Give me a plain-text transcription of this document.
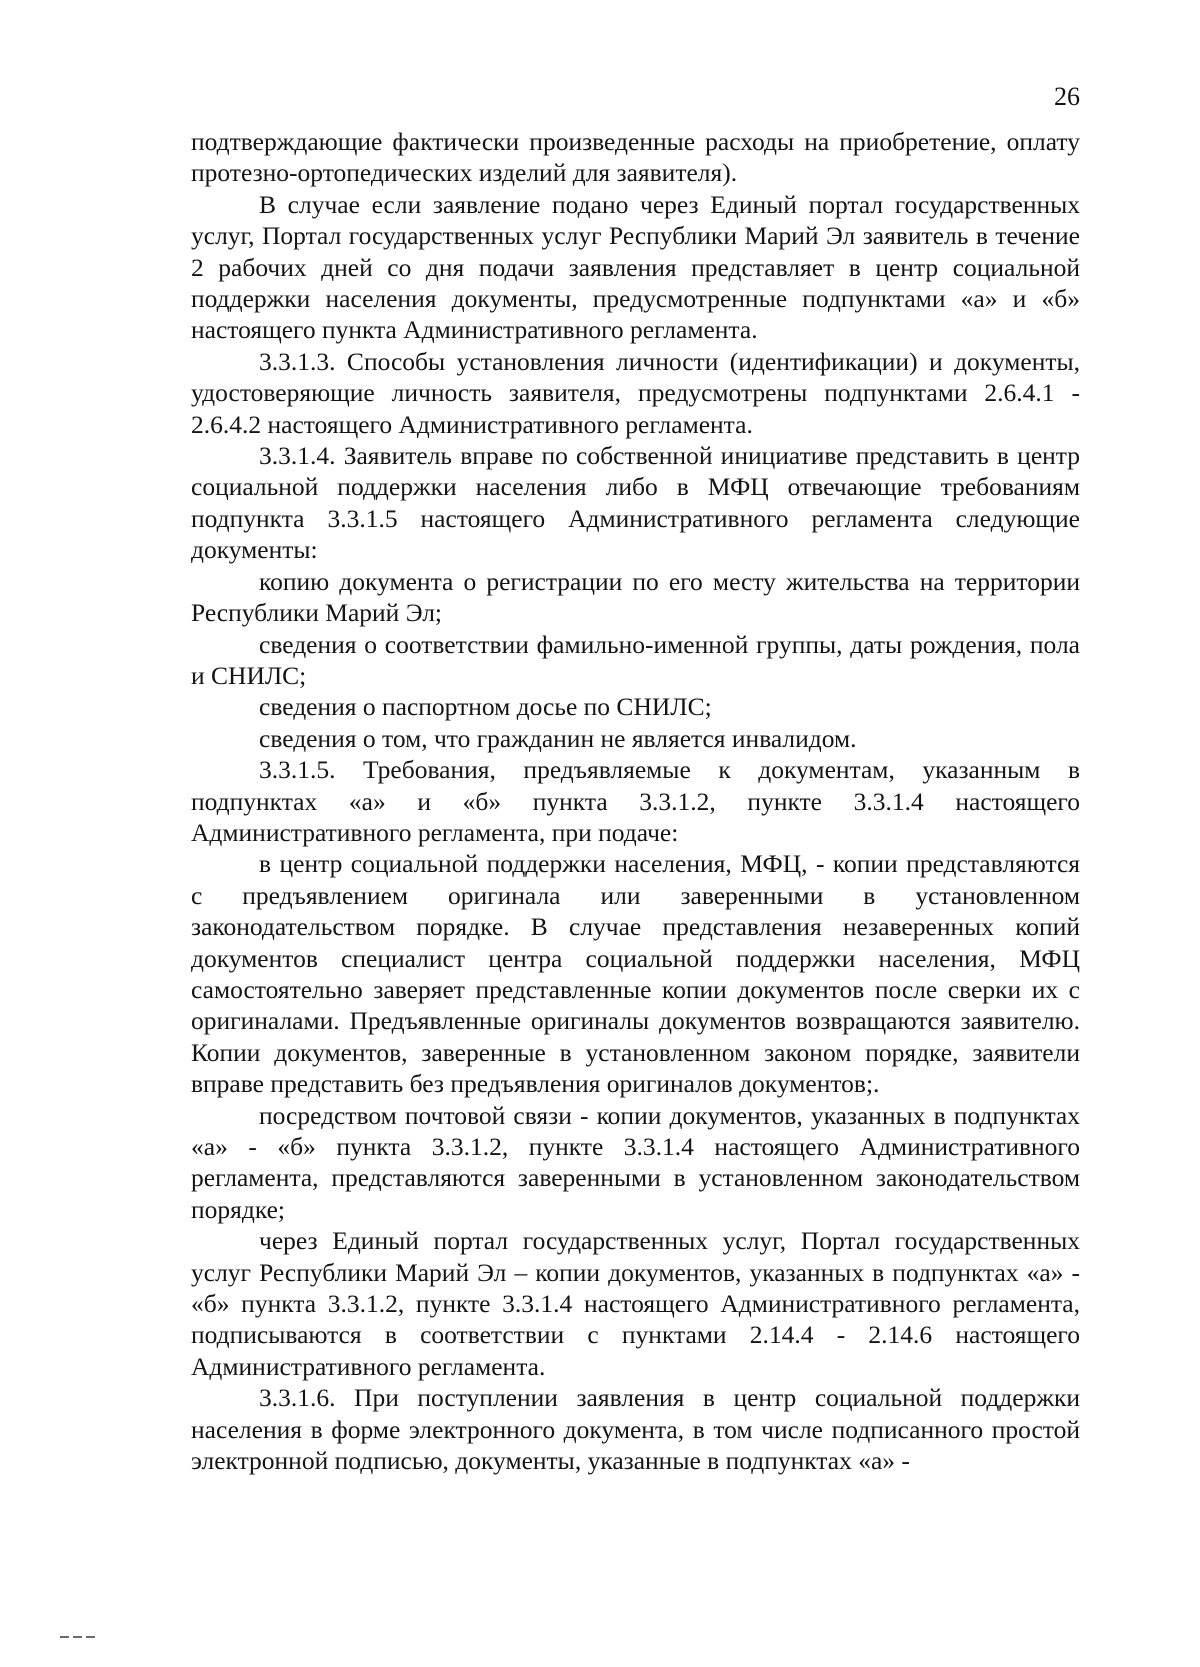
26

подтверждающие фактически произведенные расходы на приобретение, оплату протезно-ортопедических изделий для заявителя).

В случае если заявление подано через Единый портал государственных услуг, Портал государственных услуг Республики Марий Эл заявитель в течение 2 рабочих дней со дня подачи заявления представляет в центр социальной поддержки населения документы, предусмотренные подпунктами «а» и «б» настоящего пункта Административного регламента.

3.3.1.3. Способы установления личности (идентификации) и документы, удостоверяющие личность заявителя, предусмотрены подпунктами 2.6.4.1 - 2.6.4.2 настоящего Административного регламента.

3.3.1.4. Заявитель вправе по собственной инициативе представить в центр социальной поддержки населения либо в МФЦ отвечающие требованиям подпункта 3.3.1.5 настоящего Административного регламента следующие документы:

копию документа о регистрации по его месту жительства на территории Республики Марий Эл;

сведения о соответствии фамильно-именной группы, даты рождения, пола и СНИЛС;

сведения о паспортном досье по СНИЛС;

сведения о том, что гражданин не является инвалидом.

3.3.1.5. Требования, предъявляемые к документам, указанным в подпунктах «а» и «б» пункта 3.3.1.2, пункте 3.3.1.4 настоящего Административного регламента, при подаче:

в центр социальной поддержки населения, МФЦ, - копии представляются с предъявлением оригинала или заверенными в установленном законодательством порядке. В случае представления незаверенных копий документов специалист центра социальной поддержки населения, МФЦ самостоятельно заверяет представленные копии документов после сверки их с оригиналами. Предъявленные оригиналы документов возвращаются заявителю. Копии документов, заверенные в установленном законом порядке, заявители вправе представить без предъявления оригиналов документов;.

посредством почтовой связи - копии документов, указанных в подпунктах «а» - «б» пункта 3.3.1.2, пункте 3.3.1.4 настоящего Административного регламента, представляются заверенными в установленном законодательством порядке;

через Единый портал государственных услуг, Портал государственных услуг Республики Марий Эл – копии документов, указанных в подпунктах «а» - «б» пункта 3.3.1.2, пункте 3.3.1.4 настоящего Административного регламента, подписываются в соответствии с пунктами 2.14.4 - 2.14.6 настоящего Административного регламента.

3.3.1.6. При поступлении заявления в центр социальной поддержки населения в форме электронного документа, в том числе подписанного простой электронной подписью, документы, указанные в подпунктах «а» -
